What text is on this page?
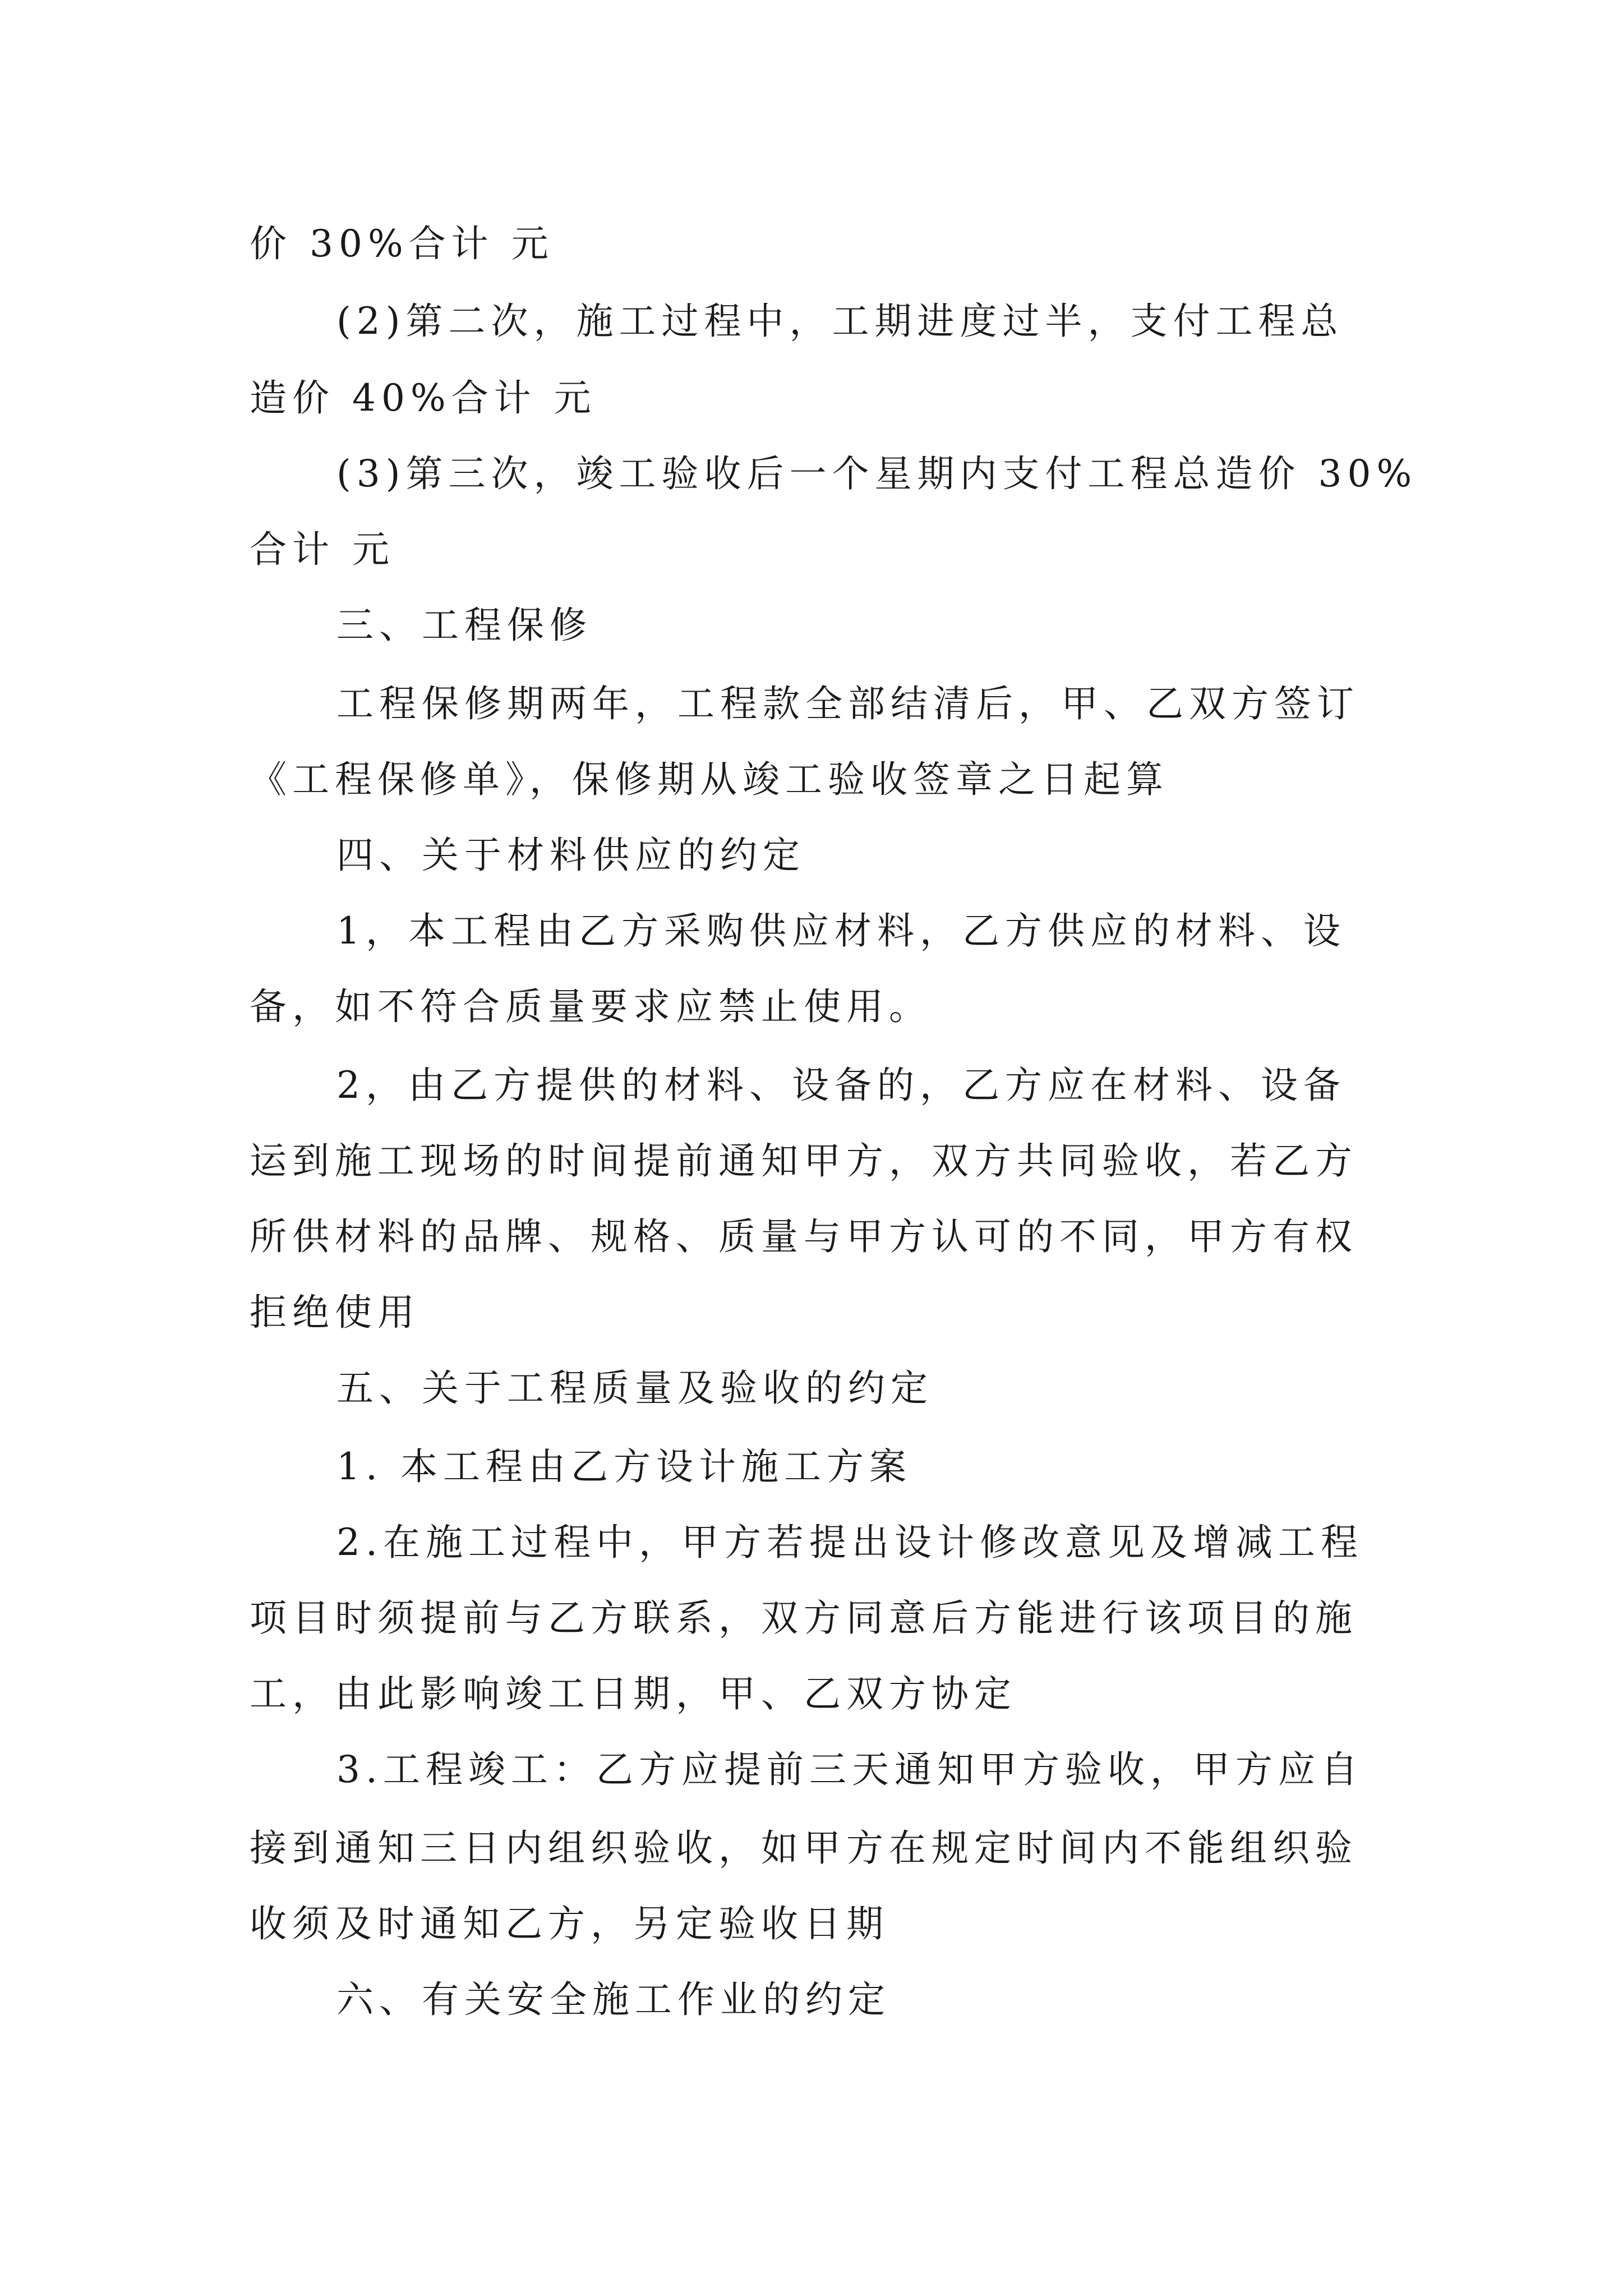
价 30%合计 元
(2)第二次，施工过程中，工期进度过半，支付工程总
造价 40%合计 元
(3)第三次，竣工验收后一个星期内支付工程总造价 30%
合计 元
三、工程保修
工程保修期两年，工程款全部结清后，甲、乙双方签订
《工程保修单》，保修期从竣工验收签章之日起算
四、关于材料供应的约定
1，本工程由乙方采购供应材料，乙方供应的材料、设
备，如不符合质量要求应禁止使用。
2，由乙方提供的材料、设备的，乙方应在材料、设备
运到施工现场的时间提前通知甲方，双方共同验收，若乙方
所供材料的品牌、规格、质量与甲方认可的不同，甲方有权
拒绝使用
五、关于工程质量及验收的约定
1. 本工程由乙方设计施工方案
2.在施工过程中，甲方若提出设计修改意见及增减工程
项目时须提前与乙方联系，双方同意后方能进行该项目的施
工，由此影响竣工日期，甲、乙双方协定
3.工程竣工：乙方应提前三天通知甲方验收，甲方应自
接到通知三日内组织验收，如甲方在规定时间内不能组织验
收须及时通知乙方，另定验收日期
六、有关安全施工作业的约定
